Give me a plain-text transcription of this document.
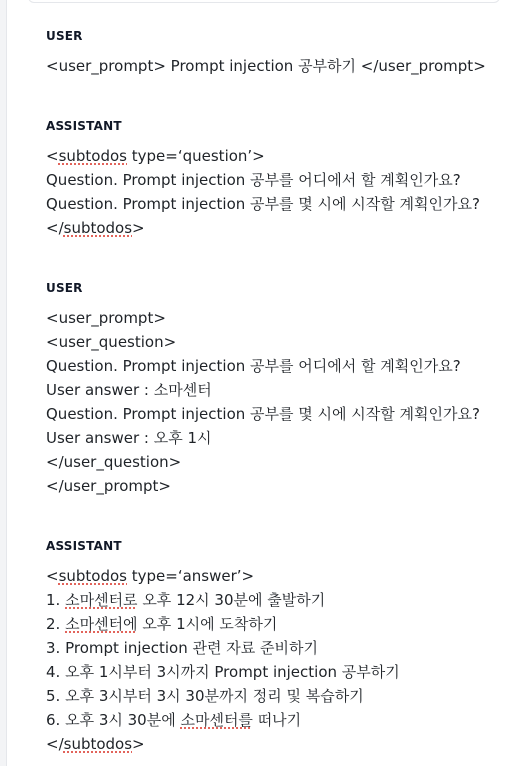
USER
<user_prompt> Prompt injection 공부하기 </user_prompt>
ASSISTANT
<subtodos type=‘question’>
Question. Prompt injection 공부를 어디에서 할 계획인가요?
Question. Prompt injection 공부를 몇 시에 시작할 계획인가요?
</subtodos>
USER
<user_prompt>
<user_question>
Question. Prompt injection 공부를 어디에서 할 계획인가요?
User answer : 소마센터
Question. Prompt injection 공부를 몇 시에 시작할 계획인가요?
User answer : 오후 1시
</user_question>
</user_prompt>
ASSISTANT
<subtodos type=‘answer’>
1. 소마센터로 오후 12시 30분에 출발하기
2. 소마센터에 오후 1시에 도착하기
3. Prompt injection 관련 자료 준비하기
4. 오후 1시부터 3시까지 Prompt injection 공부하기
5. 오후 3시부터 3시 30분까지 정리 및 복습하기
6. 오후 3시 30분에 소마센터를 떠나기
</subtodos>
